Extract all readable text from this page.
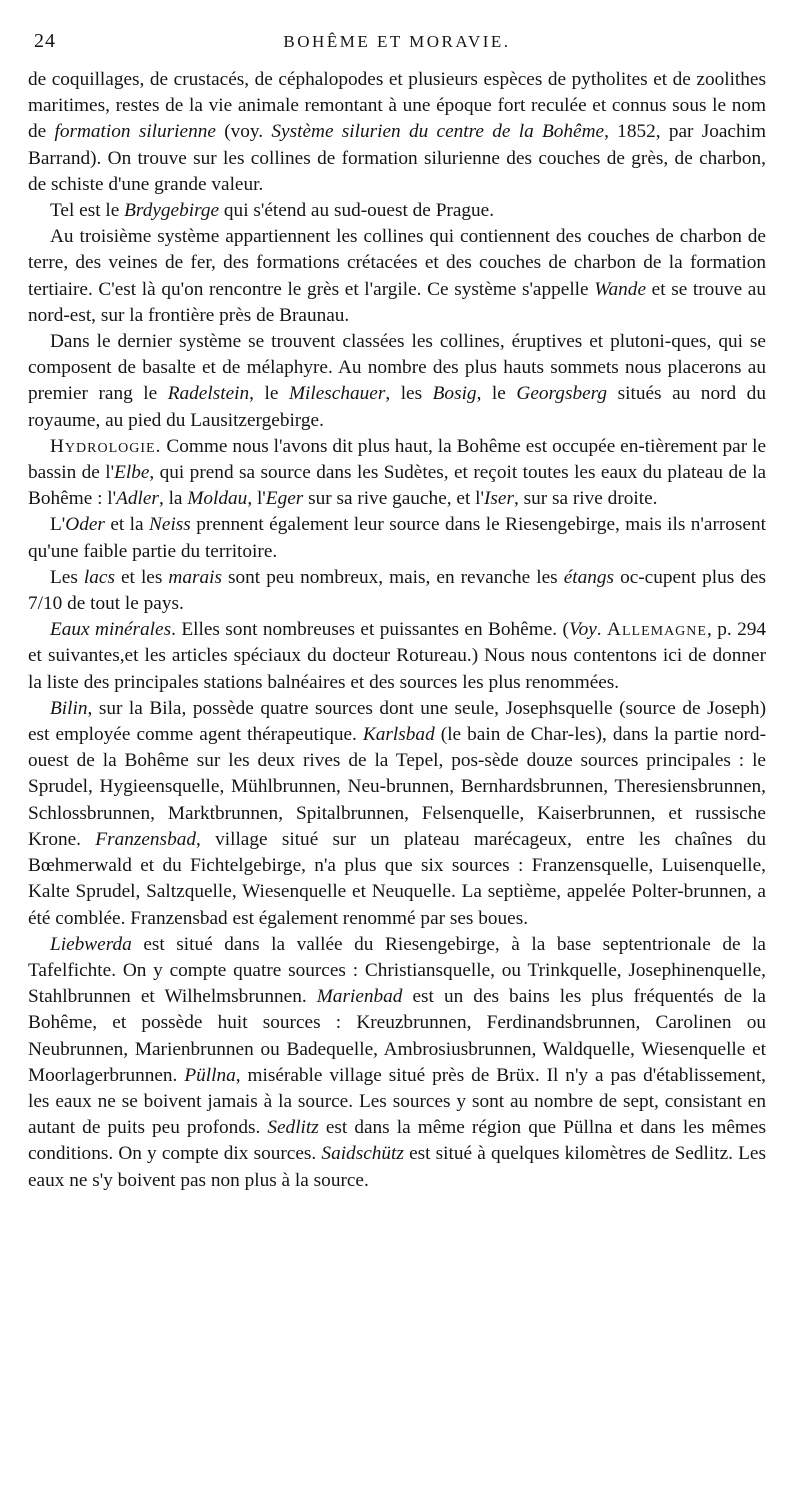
24	BOHÊME ET MORAVIE.

de coquillages, de crustacés, de céphalopodes et plusieurs espèces de pytholites et de zoolithes maritimes, restes de la vie animale remontant à une époque fort reculée et connus sous le nom de formation silurienne (voy. Système silurien du centre de la Bohême, 1852, par Joachim Barrand). On trouve sur les collines de formation silurienne des couches de grès, de charbon, de schiste d'une grande valeur.

Tel est le Brdygebirge qui s'étend au sud-ouest de Prague.

Au troisième système appartiennent les collines qui contiennent des couches de charbon de terre, des veines de fer, des formations crétacées et des couches de charbon de la formation tertiaire. C'est là qu'on rencontre le grès et l'argile. Ce système s'appelle Wande et se trouve au nord-est, sur la frontière près de Braunau.

Dans le dernier système se trouvent classées les collines, éruptives et plutoni-ques, qui se composent de basalte et de mélaphyre. Au nombre des plus hauts sommets nous placerons au premier rang le Radelstein, le Mileschauer, les Bosig, le Georgsberg situés au nord du royaume, au pied du Lausitzergebirge.

Hydrologie. Comme nous l'avons dit plus haut, la Bohême est occupée en-tièrement par le bassin de l'Elbe, qui prend sa source dans les Sudètes, et reçoit toutes les eaux du plateau de la Bohême : l'Adler, la Moldau, l'Eger sur sa rive gauche, et l'Iser, sur sa rive droite.

L'Oder et la Neiss prennent également leur source dans le Riesengebirge, mais ils n'arrosent qu'une faible partie du territoire.

Les lacs et les marais sont peu nombreux, mais, en revanche les étangs oc-cupent plus des 7/10 de tout le pays.

Eaux minérales. Elles sont nombreuses et puissantes en Bohême. (Voy. Allemagne, p. 294 et suivantes,et les articles spéciaux du docteur Rotureau.) Nous nous contentons ici de donner la liste des principales stations balnéaires et des sources les plus renommées.

Bilin, sur la Bila, possède quatre sources dont une seule, Josephsquelle (source de Joseph) est employée comme agent thérapeutique. Karlsbad (le bain de Char-les), dans la partie nord-ouest de la Bohême sur les deux rives de la Tepel, pos-sède douze sources principales : le Sprudel, Hygieensquelle, Mühlbrunnen, Neu-brunnen, Bernhardsbrunnen, Theresiensbrunnen, Schlossbrunnen, Marktbrunnen, Spitalbrunnen, Felsenquelle, Kaiserbrunnen, et russische Krone. Franzensbad, village situé sur un plateau marécageux, entre les chaînes du Bœhmerwald et du Fichtelgebirge, n'a plus que six sources : Franzensquelle, Luisenquelle, Kalte Sprudel, Saltzquelle, Wiesenquelle et Neuquelle. La septième, appelée Polter-brunnen, a été comblée. Franzensbad est également renommé par ses boues.

Liebwerda est situé dans la vallée du Riesengebirge, à la base septentrionale de la Tafelfichte. On y compte quatre sources : Christiansquelle, ou Trinkquelle, Josephinenquelle, Stahlbrunnen et Wilhelmsbrunnen. Marienbad est un des bains les plus fréquentés de la Bohême, et possède huit sources : Kreuzbrunnen, Ferdinandsbrunnen, Carolinen ou Neubrunnen, Marienbrunnen ou Badequelle, Ambrosiusbrunnen, Waldquelle, Wiesenquelle et Moorlagerbrunnen. Püllna, misérable village situé près de Brüx. Il n'y a pas d'établissement, les eaux ne se boivent jamais à la source. Les sources y sont au nombre de sept, consistant en autant de puits peu profonds. Sedlitz est dans la même région que Püllna et dans les mêmes conditions. On y compte dix sources. Saidschütz est situé à quelques kilomètres de Sedlitz. Les eaux ne s'y boivent pas non plus à la source.
